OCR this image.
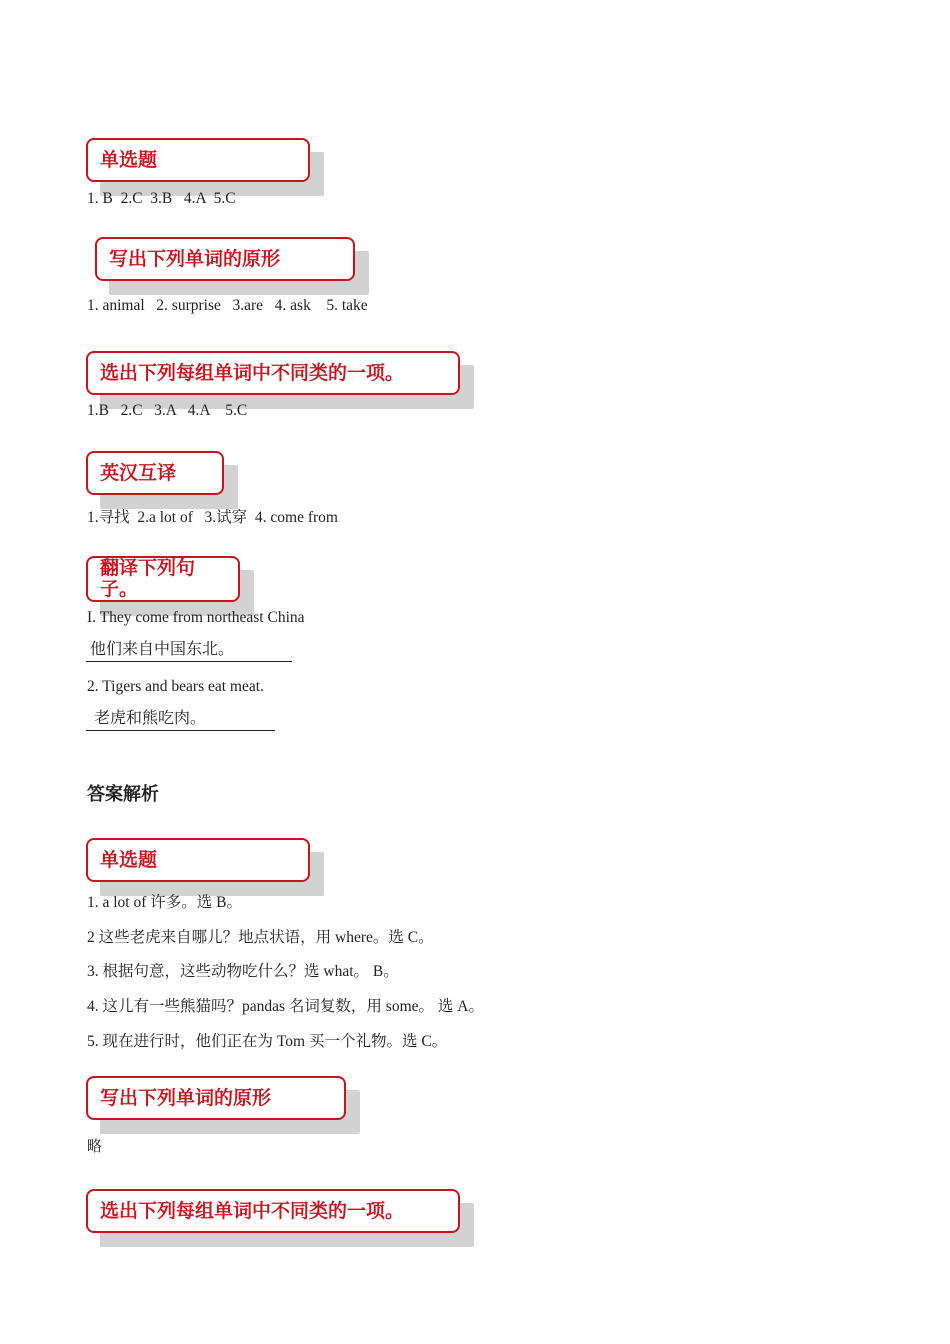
单选题
1. B  2.C  3.B   4.A  5.C
写出下列单词的原形
1. animal   2. surprise   3.are   4. ask    5. take
选出下列每组单词中不同类的一项。
1.B   2.C   3.A   4.A    5.C
英汉互译
1.寻找  2.a lot of   3.试穿  4. come from
翻译下列句子。
I. They come from northeast China
他们来自中国东北。
2. Tigers and bears eat meat.
老虎和熊吃肉。
答案解析
单选题
1. a lot of 许多。选 B。
2 这些老虎来自哪儿？地点状语，用 where。选 C。
3. 根据句意，这些动物吃什么？选 what。 B。
4. 这儿有一些熊猫吗？pandas 名词复数，用 some。 选 A。
5. 现在进行时，他们正在为 Tom 买一个礼物。选 C。
写出下列单词的原形
略
选出下列每组单词中不同类的一项。
